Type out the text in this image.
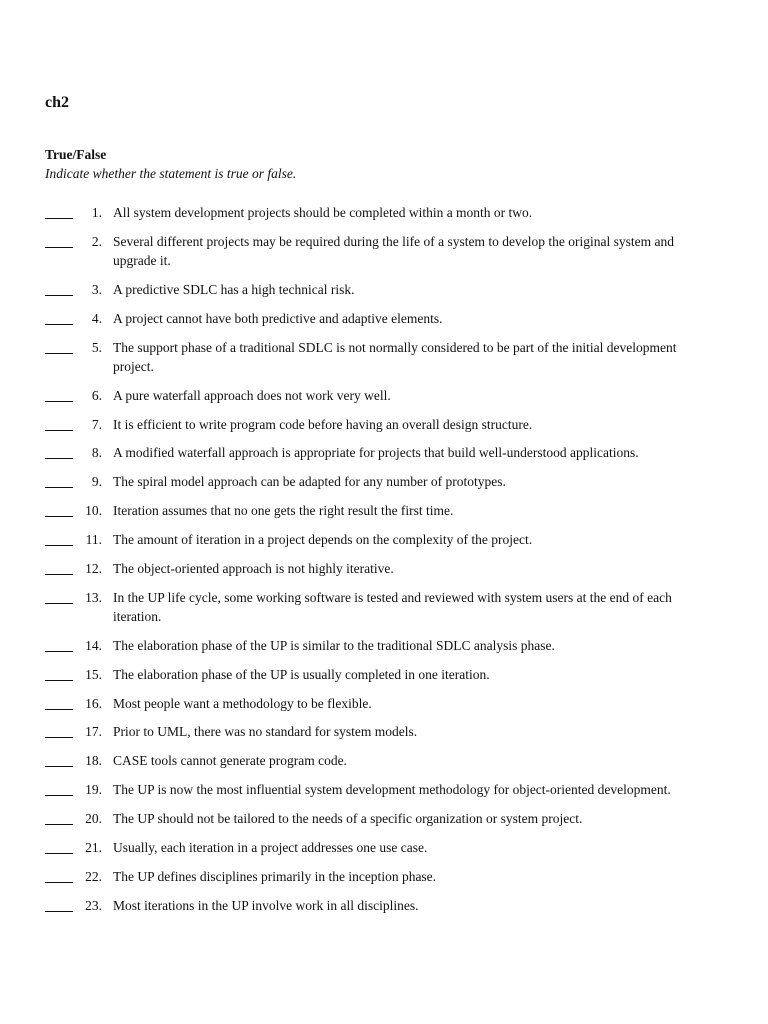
ch2
True/False
Indicate whether the statement is true or false.
1. All system development projects should be completed within a month or two.
2. Several different projects may be required during the life of a system to develop the original system and upgrade it.
3. A predictive SDLC has a high technical risk.
4. A project cannot have both predictive and adaptive elements.
5. The support phase of a traditional SDLC is not normally considered to be part of the initial development project.
6. A pure waterfall approach does not work very well.
7. It is efficient to write program code before having an overall design structure.
8. A modified waterfall approach is appropriate for projects that build well-understood applications.
9. The spiral model approach can be adapted for any number of prototypes.
10. Iteration assumes that no one gets the right result the first time.
11. The amount of iteration in a project depends on the complexity of the project.
12. The object-oriented approach is not highly iterative.
13. In the UP life cycle, some working software is tested and reviewed with system users at the end of each iteration.
14. The elaboration phase of the UP is similar to the traditional SDLC analysis phase.
15. The elaboration phase of the UP is usually completed in one iteration.
16. Most people want a methodology to be flexible.
17. Prior to UML, there was no standard for system models.
18. CASE tools cannot generate program code.
19. The UP is now the most influential system development methodology for object-oriented development.
20. The UP should not be tailored to the needs of a specific organization or system project.
21. Usually, each iteration in a project addresses one use case.
22. The UP defines disciplines primarily in the inception phase.
23. Most iterations in the UP involve work in all disciplines.
